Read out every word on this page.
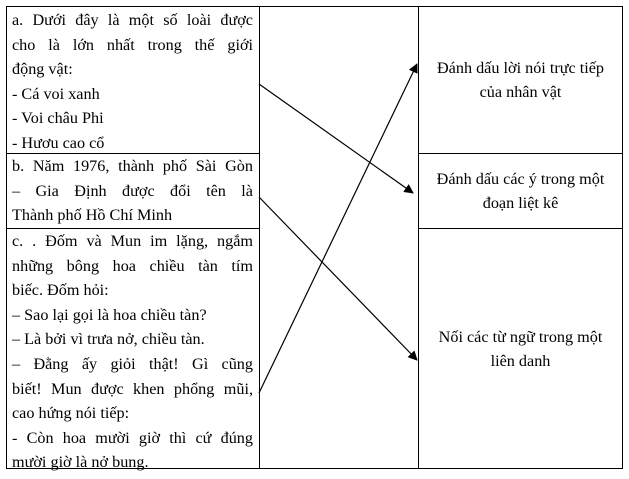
a. Dưới đây là một số loài được
cho là lớn nhất trong thế giới
động vật:
- Cá voi xanh
- Voi châu Phi
- Hươu cao cổ
b. Năm 1976, thành phố Sài Gòn
– Gia Định được đổi tên là
Thành phố Hồ Chí Minh
c. . Đốm và Mun im lặng, ngắm
những bông hoa chiều tàn tím
biếc. Đốm hỏi:
– Sao lại gọi là hoa chiều tàn?
– Là bởi vì trưa nở, chiều tàn.
– Đằng ấy giỏi thật! Gì cũng
biết! Mun được khen phổng mũi,
cao hứng nói tiếp:
- Còn hoa mười giờ thì cứ đúng
mười giờ là nở bung.
Đánh dấu lời nói trực tiếp
của nhân vật
Đánh dấu các ý trong một
đoạn liệt kê
Nối các từ ngữ trong một
liên danh
